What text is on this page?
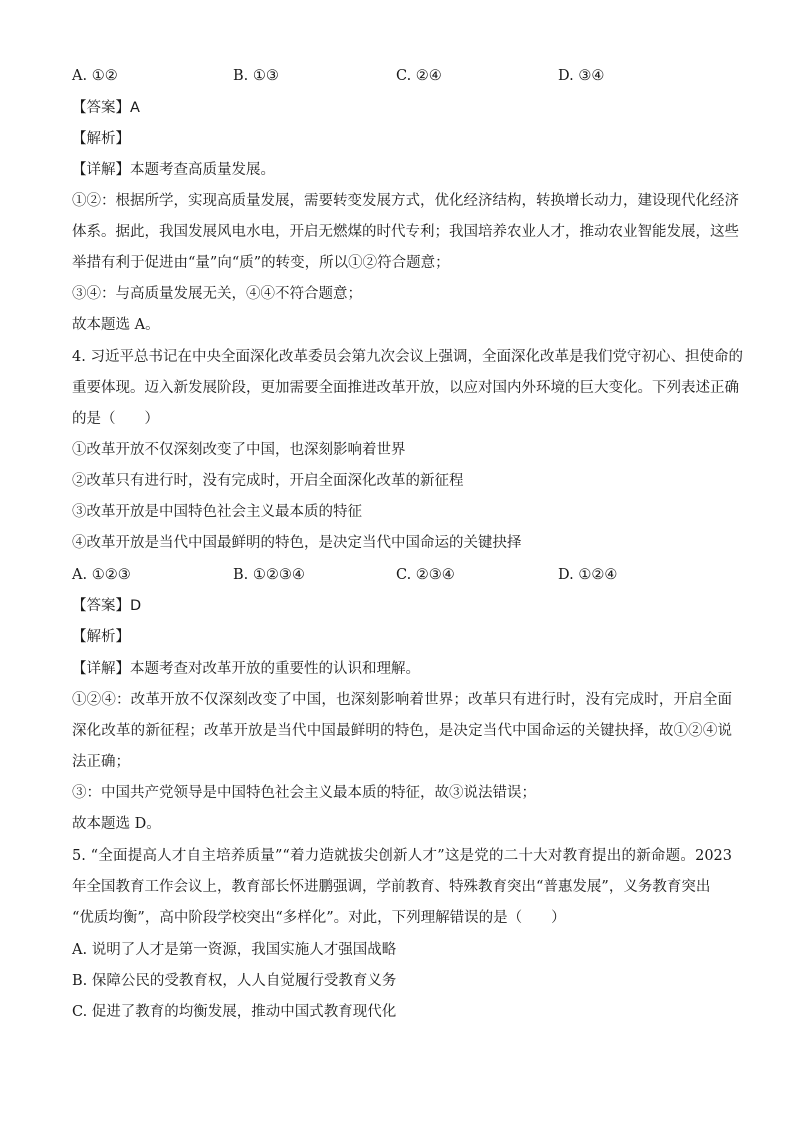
A. ①②	B. ①③	C. ②④	D. ③④
【答案】A
【解析】
【详解】本题考查高质量发展。
①②：根据所学，实现高质量发展，需要转变发展方式，优化经济结构，转换增长动力，建设现代化经济
体系。据此，我国发展风电水电，开启无燃煤的时代专利；我国培养农业人才，推动农业智能发展，这些
举措有利于促进由“量”向“质”的转变，所以①②符合题意；
③④：与高质量发展无关，④④不符合题意；
故本题选 A。
4. 习近平总书记在中央全面深化改革委员会第九次会议上强调，全面深化改革是我们党守初心、担使命的
重要体现。迈入新发展阶段，更加需要全面推进改革开放，以应对国内外环境的巨大变化。下列表述正确
的是（　　）
①改革开放不仅深刻改变了中国，也深刻影响着世界
②改革只有进行时，没有完成时，开启全面深化改革的新征程
③改革开放是中国特色社会主义最本质的特征
④改革开放是当代中国最鲜明的特色，是决定当代中国命运的关键抉择
A. ①②③	B. ①②③④	C. ②③④	D. ①②④
【答案】D
【解析】
【详解】本题考查对改革开放的重要性的认识和理解。
①②④：改革开放不仅深刻改变了中国，也深刻影响着世界；改革只有进行时，没有完成时，开启全面
深化改革的新征程；改革开放是当代中国最鲜明的特色，是决定当代中国命运的关键抉择，故①②④说
法正确；
③：中国共产党领导是中国特色社会主义最本质的特征，故③说法错误；
故本题选 D。
5. “全面提高人才自主培养质量”“着力造就拔尖创新人才”这是党的二十大对教育提出的新命题。2023
年全国教育工作会议上，教育部长怀进鹏强调，学前教育、特殊教育突出“普惠发展”，义务教育突出
“优质均衡”，高中阶段学校突出“多样化”。对此，下列理解错误的是（　　）
A. 说明了人才是第一资源，我国实施人才强国战略
B. 保障公民的受教育权，人人自觉履行受教育义务
C. 促进了教育的均衡发展，推动中国式教育现代化
